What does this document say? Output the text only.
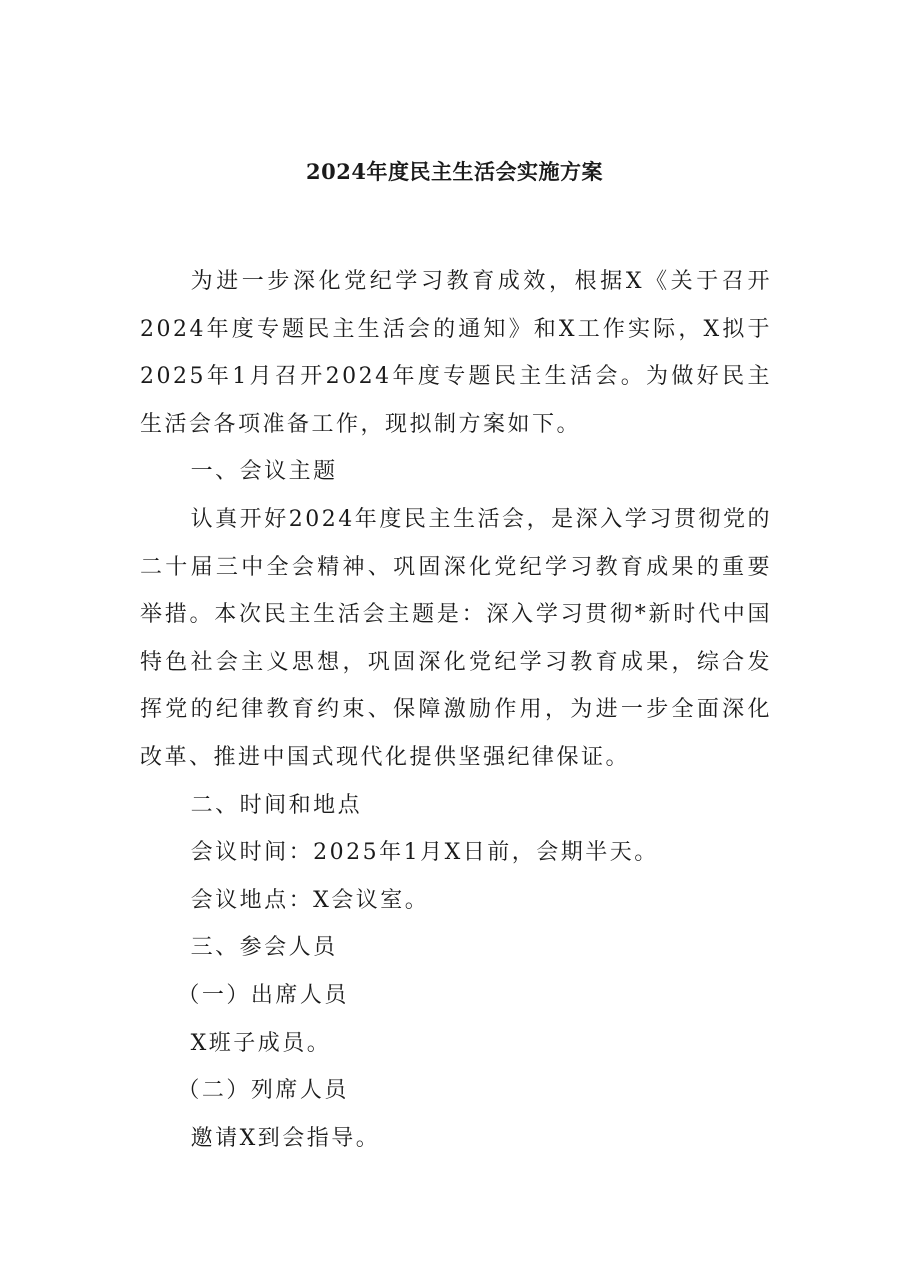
2024年度民主生活会实施方案

为进一步深化党纪学习教育成效，根据X《关于召开2024年度专题民主生活会的通知》和X工作实际，X拟于2025年1月召开2024年度专题民主生活会。为做好民主生活会各项准备工作，现拟制方案如下。

一、会议主题

认真开好2024年度民主生活会，是深入学习贯彻党的二十届三中全会精神、巩固深化党纪学习教育成果的重要举措。本次民主生活会主题是：深入学习贯彻*新时代中国特色社会主义思想，巩固深化党纪学习教育成果，综合发挥党的纪律教育约束、保障激励作用，为进一步全面深化改革、推进中国式现代化提供坚强纪律保证。

二、时间和地点

会议时间：2025年1月X日前，会期半天。

会议地点：X会议室。

三、参会人员

（一）出席人员

X班子成员。

（二）列席人员

邀请X到会指导。
